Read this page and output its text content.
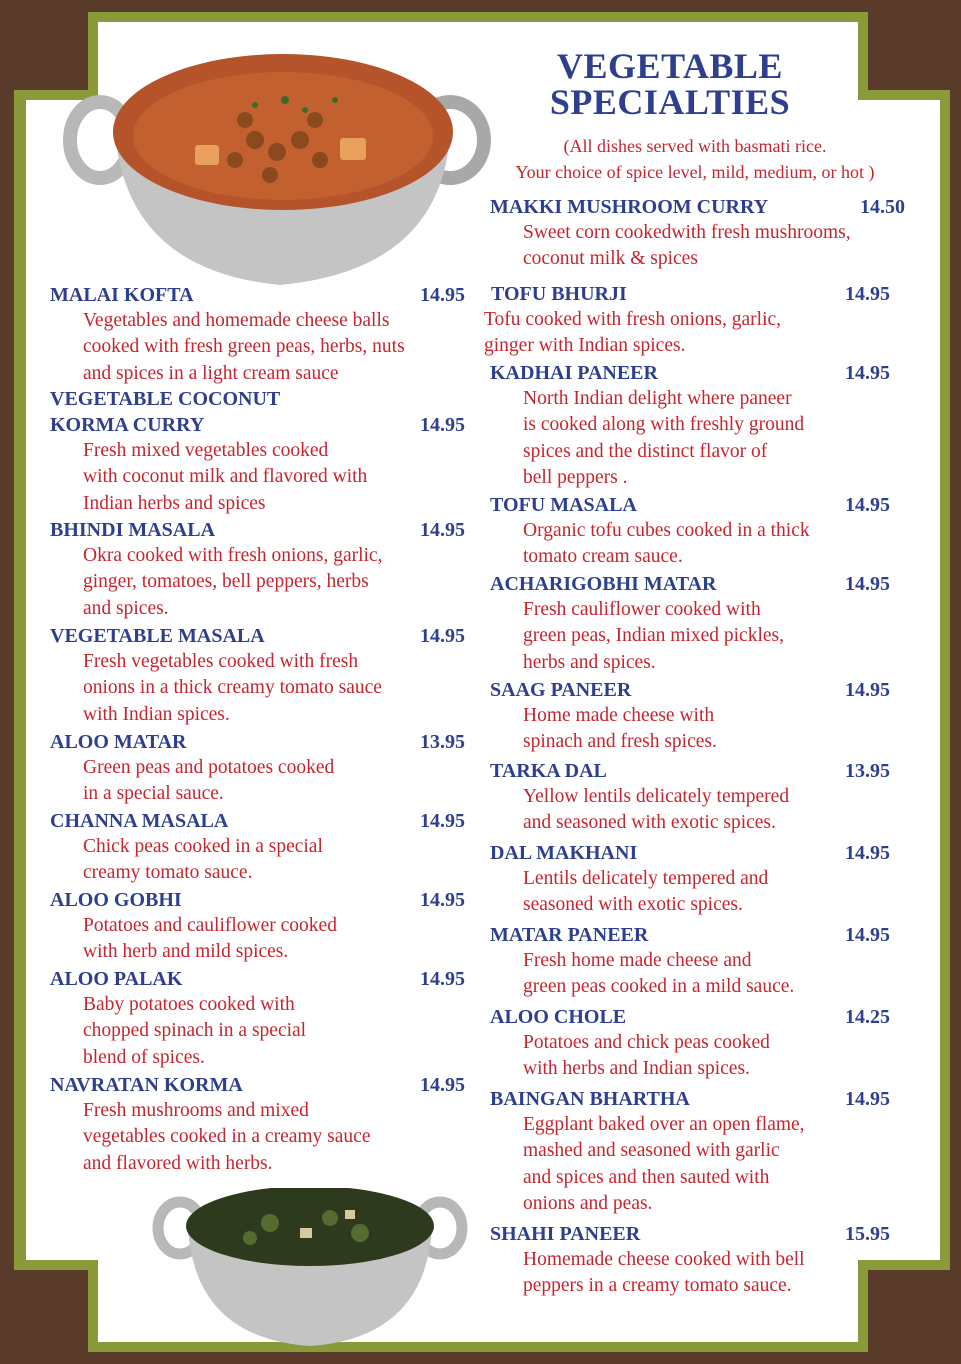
VEGETABLE
SPECIALTIES
(All dishes served with basmati rice.
Your choice of spice level, mild, medium, or hot )
MALAI KOFTA	14.95
Vegetables and homemade cheese balls
cooked with fresh green peas, herbs, nuts
and spices in a light cream sauce
VEGETABLE COCONUT
KORMA CURRY	14.95
Fresh mixed vegetables cooked
with coconut milk and flavored with
Indian herbs and spices
BHINDI MASALA	14.95
Okra cooked with fresh onions, garlic,
ginger, tomatoes, bell peppers, herbs
and spices.
VEGETABLE MASALA	14.95
Fresh vegetables cooked with fresh
onions in a thick creamy tomato sauce
with Indian spices.
ALOO MATAR	13.95
Green peas and potatoes cooked
in a special sauce.
CHANNA MASALA	14.95
Chick peas cooked in a special
creamy tomato sauce.
ALOO GOBHI	14.95
Potatoes and cauliflower cooked
with herb and mild spices.
ALOO PALAK	14.95
Baby potatoes cooked with
chopped spinach in a special
blend of spices.
NAVRATAN KORMA	14.95
Fresh mushrooms and mixed
vegetables cooked in a creamy sauce
and flavored with herbs.
MAKKI MUSHROOM CURRY	14.50
Sweet corn cookedwith fresh mushrooms,
coconut milk & spices
TOFU BHURJI	14.95
Tofu cooked with fresh onions, garlic,
ginger with Indian spices.
KADHAI PANEER	14.95
North Indian delight where paneer
is cooked along with freshly ground
spices and the distinct flavor of
bell peppers .
TOFU MASALA	14.95
Organic tofu cubes cooked in a thick
tomato cream sauce.
ACHARIGOBHI MATAR	14.95
Fresh cauliflower cooked with
green peas, Indian mixed pickles,
herbs and spices.
SAAG PANEER	14.95
Home made cheese with
spinach and fresh spices.
TARKA DAL	13.95
Yellow lentils delicately tempered
and seasoned with exotic spices.
DAL MAKHANI	14.95
Lentils delicately tempered and
seasoned with exotic spices.
MATAR PANEER	14.95
Fresh home made cheese and
green peas cooked in a mild sauce.
ALOO CHOLE	14.25
Potatoes and chick peas cooked
with herbs and Indian spices.
BAINGAN BHARTHA	14.95
Eggplant baked over an open flame,
mashed and seasoned with garlic
and spices and then sauted with
onions and peas.
SHAHI PANEER	15.95
Homemade cheese cooked with bell
peppers in a creamy tomato sauce.
